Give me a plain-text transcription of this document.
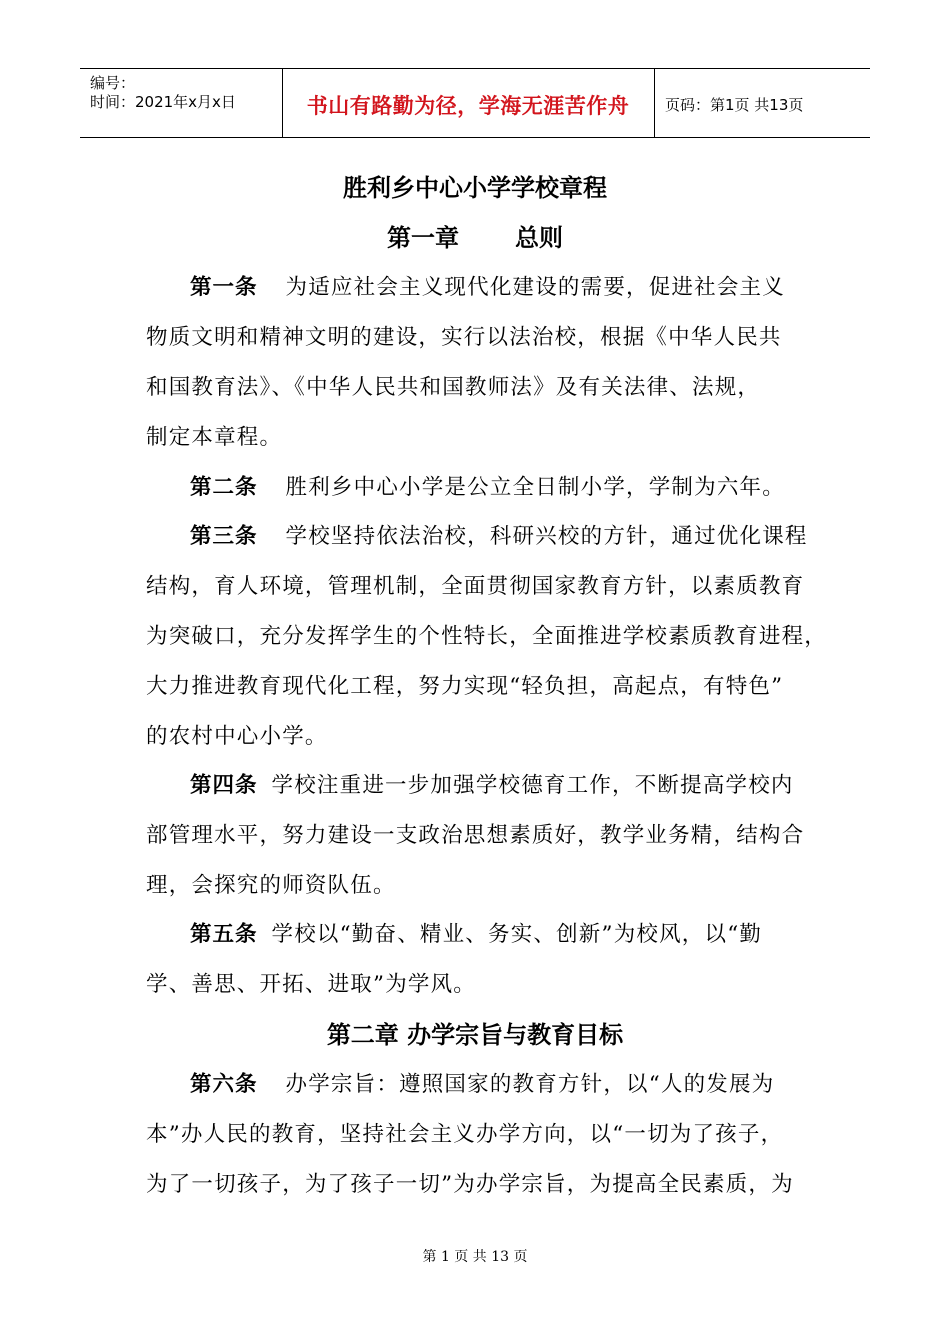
编号：
时间：2021年x月x日	书山有路勤为径，学海无涯苦作舟	页码：第1页 共13页
胜利乡中心小学学校章程
第一章 总则
第一条 为适应社会主义现代化建设的需要，促进社会主义
物质文明和精神文明的建设，实行以法治校，根据《中华人民共
和国教育法》、《中华人民共和国教师法》及有关法律、法规，
制定本章程。
第二条 胜利乡中心小学是公立全日制小学，学制为六年。
第三条 学校坚持依法治校，科研兴校的方针，通过优化课程
结构，育人环境，管理机制，全面贯彻国家教育方针，以素质教育
为突破口，充分发挥学生的个性特长，全面推进学校素质教育进程，
大力推进教育现代化工程，努力实现“轻负担，高起点，有特色”
的农村中心小学。
第四条 学校注重进一步加强学校德育工作，不断提高学校内
部管理水平，努力建设一支政治思想素质好，教学业务精，结构合
理，会探究的师资队伍。
第五条 学校以“勤奋、精业、务实、创新”为校风，以“勤
学、善思、开拓、进取”为学风。
第二章 办学宗旨与教育目标
第六条 办学宗旨：遵照国家的教育方针，以“人的发展为
本”办人民的教育，坚持社会主义办学方向，以“一切为了孩子，
为了一切孩子，为了孩子一切”为办学宗旨，为提高全民素质，为
第 1 页 共 13 页
